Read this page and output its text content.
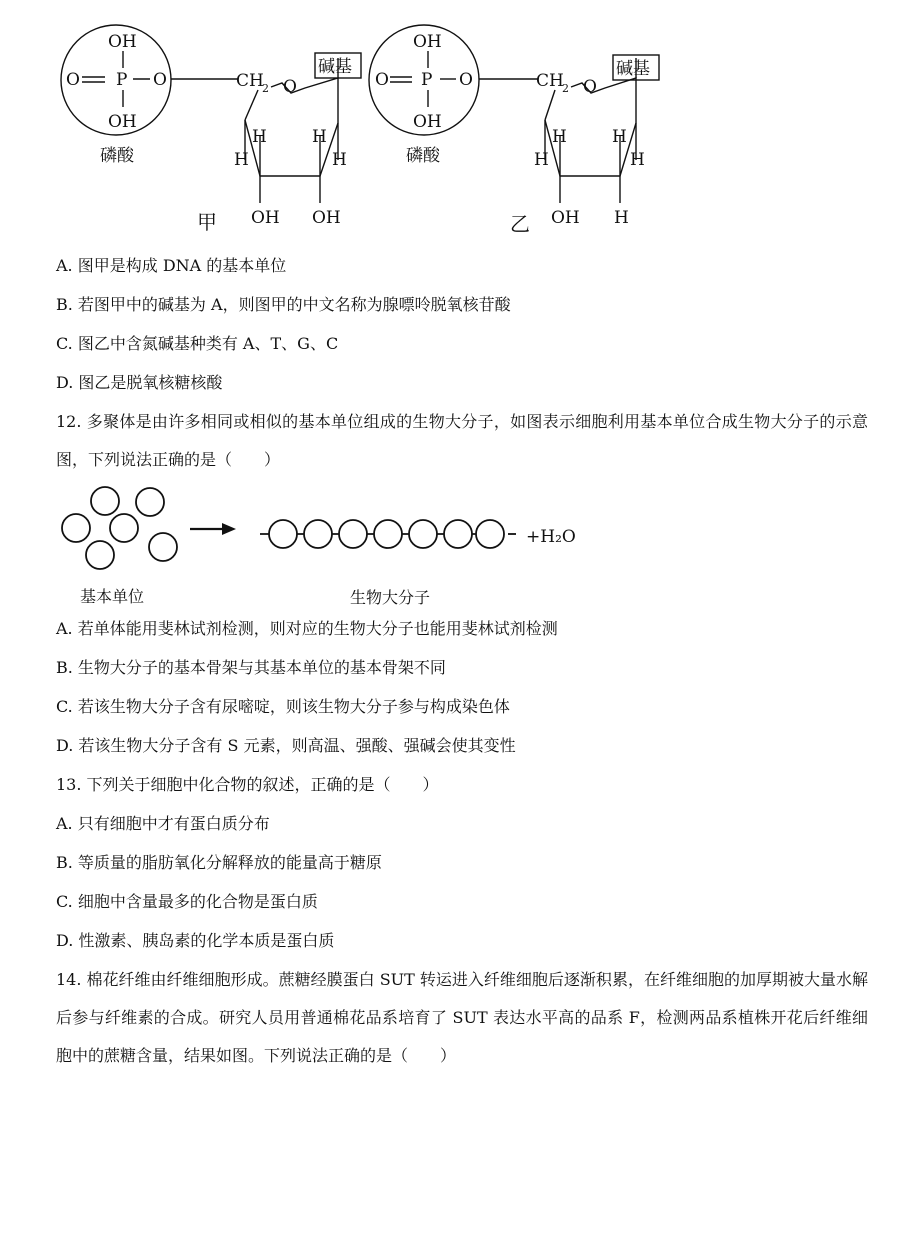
OH
O P O
OH
磷酸
CH
2 O
碱基
H	H
H	H
OH OH
甲
OH
O P O
OH
磷酸
CH
2 O
碱基
H	H
H	H
OH H
乙
A. 图甲是构成 DNA 的基本单位
B. 若图甲中的碱基为 A，则图甲的中文名称为腺嘌呤脱氧核苷酸
C. 图乙中含氮碱基种类有 A、T、G、C
D. 图乙是脱氧核糖核酸
12. 多聚体是由许多相同或相似的基本单位组成的生物大分子，如图表示细胞利用基本单位合成生物大分子的示意图，下列说法正确的是（　　）
+H₂O
基本单位	生物大分子
A. 若单体能用斐林试剂检测，则对应的生物大分子也能用斐林试剂检测
B. 生物大分子的基本骨架与其基本单位的基本骨架不同
C. 若该生物大分子含有尿嘧啶，则该生物大分子参与构成染色体
D. 若该生物大分子含有 S 元素，则高温、强酸、强碱会使其变性
13. 下列关于细胞中化合物的叙述，正确的是（　　）
A. 只有细胞中才有蛋白质分布
B. 等质量的脂肪氧化分解释放的能量高于糖原
C. 细胞中含量最多的化合物是蛋白质
D. 性激素、胰岛素的化学本质是蛋白质
14. 棉花纤维由纤维细胞形成。蔗糖经膜蛋白 SUT 转运进入纤维细胞后逐渐积累，在纤维细胞的加厚期被大量水解后参与纤维素的合成。研究人员用普通棉花品系培育了 SUT 表达水平高的品系 F，检测两品系植株开花后纤维细胞中的蔗糖含量，结果如图。下列说法正确的是（　　）
